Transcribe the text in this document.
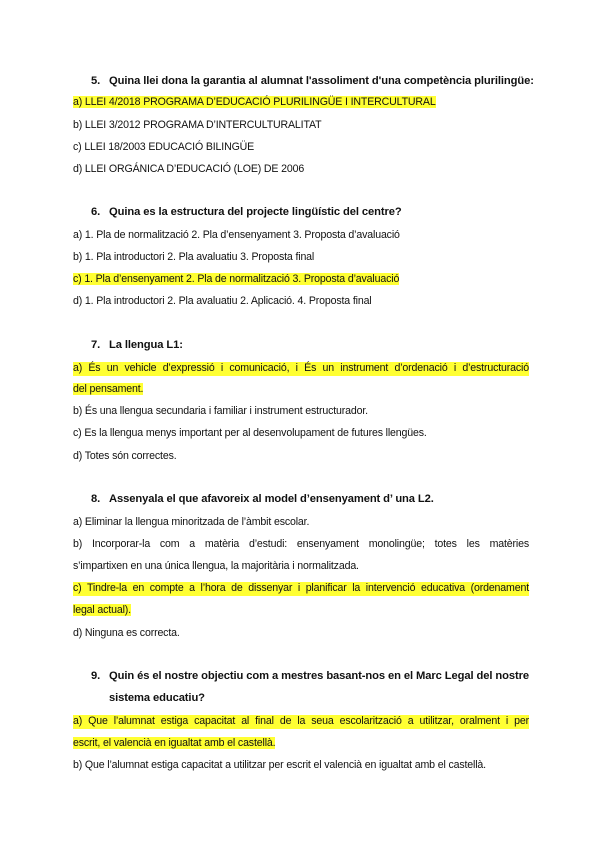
5. Quina llei dona la garantia al alumnat l'assoliment d'una competència plurilingüe:
a) LLEI 4/2018 PROGRAMA D’EDUCACIÓ PLURILINGÜE I INTERCULTURAL
b) LLEI 3/2012 PROGRAMA D’INTERCULTURALITAT
c) LLEI 18/2003 EDUCACIÓ BILINGÜE
d) LLEI ORGÁNICA D’EDUCACIÓ (LOE) DE 2006
6. Quina es la estructura del projecte lingüístic del centre?
a) 1. Pla de normalització 2. Pla d’ensenyament 3. Proposta d’avaluació
b) 1. Pla introductori 2. Pla avaluatiu 3. Proposta final
c) 1. Pla d’ensenyament 2. Pla de normalització 3. Proposta d’avaluació
d) 1. Pla introductori 2. Pla avaluatiu 2. Aplicació. 4. Proposta final
7. La llengua L1:
a) És un vehicle d’expressió i comunicació, i És un instrument d’ordenació i d’estructuració
del pensament.
b) És una llengua secundaria i familiar i instrument estructurador.
c) Es la llengua menys important per al desenvolupament de futures llengües.
d) Totes són correctes.
8. Assenyala el que afavoreix al model d’ensenyament d’ una L2.
a) Eliminar la llengua minoritzada de l’àmbit escolar.
b) Incorporar-la com a matèria d’estudi: ensenyament monolingüe; totes les matèries
s’impartixen en una única llengua, la majoritària i normalitzada.
c) Tindre-la en compte a l’hora de dissenyar i planificar la intervenció educativa (ordenament
legal actual).
d) Ninguna es correcta.
9. Quin és el nostre objectiu com a mestres basant-nos en el Marc Legal del nostre
sistema educatiu?
a) Que l’alumnat estiga capacitat al final de la seua escolarització a utilitzar, oralment i per
escrit, el valencià en igualtat amb el castellà.
b) Que l’alumnat estiga capacitat a utilitzar per escrit el valencià en igualtat amb el castellà.
